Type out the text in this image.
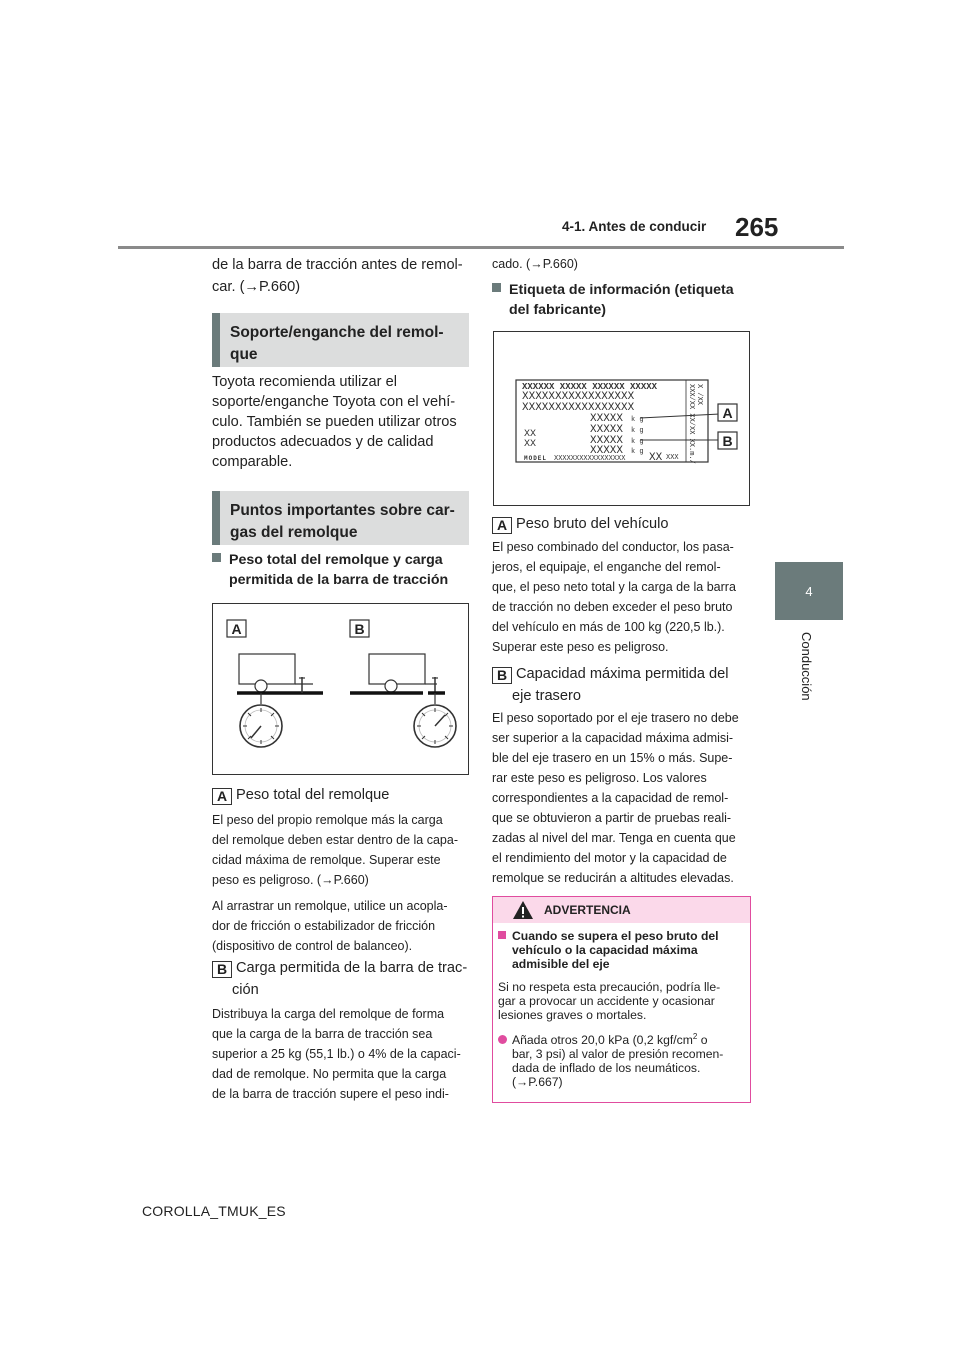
4-1. Antes de conducir 265
4
Conducción
de la barra de tracción antes de remol-
car. (→P.660)
Soporte/enganche del remol-
que
Toyota recomienda utilizar el
soporte/enganche Toyota con el vehí-
culo. También se pueden utilizar otros
productos adecuados y de calidad
comparable.
Puntos importantes sobre car-
gas del remolque
Peso total del remolque y carga
permitida de la barra de tracción
A	B
A Peso total del remolque
El peso del propio remolque más la carga
del remolque deben estar dentro de la capa-
cidad máxima de remolque. Superar este
peso es peligroso. (→P.660)
Al arrastrar un remolque, utilice un acopla-
dor de fricción o estabilizador de fricción
(dispositivo de control de balanceo).
B Carga permitida de la barra de trac-
ción
Distribuya la carga del remolque de forma
que la carga de la barra de tracción sea
superior a 25 kg (55,1 lb.) o 4% de la capaci-
dad de remolque. No permita que la carga
de la barra de tracción supere el peso indi-
cado. (→P.660)
Etiqueta de información (etiqueta
del fabricante)
XXXXXX XXXXX XXXXXX XXXXX
XXXXXXXXXXXXXXXXX
XXXXXXXXXXXXXXXXX
XXXXX
XXXXX
XXXXX
XXXXX
k g
k g
k g
k g
XX
XX
MODEL XXXXXXXXXXXXXXXXX XX XXX XXX/XX XX/XX XX.m./ X /XX
A
B
A Peso bruto del vehículo
El peso combinado del conductor, los pasa-
jeros, el equipaje, el enganche del remol-
que, el peso neto total y la carga de la barra
de tracción no deben exceder el peso bruto
del vehículo en más de 100 kg (220,5 lb.).
Superar este peso es peligroso.
B Capacidad máxima permitida del
eje trasero
El peso soportado por el eje trasero no debe
ser superior a la capacidad máxima admisi-
ble del eje trasero en un 15% o más. Supe-
rar este peso es peligroso. Los valores
correspondientes a la capacidad de remol-
que se obtuvieron a partir de pruebas reali-
zadas al nivel del mar. Tenga en cuenta que
el rendimiento del motor y la capacidad de
remolque se reducirán a altitudes elevadas.
ADVERTENCIA
Cuando se supera el peso bruto del
vehículo o la capacidad máxima
admisible del eje
Si no respeta esta precaución, podría lle-
gar a provocar un accidente y ocasionar
lesiones graves o mortales.
Añada otros 20,0 kPa (0,2 kgf/$cm^2$ o
bar, 3 psi) al valor de presión recomen-
dada de inflado de los neumáticos.
(→P.667)
COROLLA_TMUK_ES
